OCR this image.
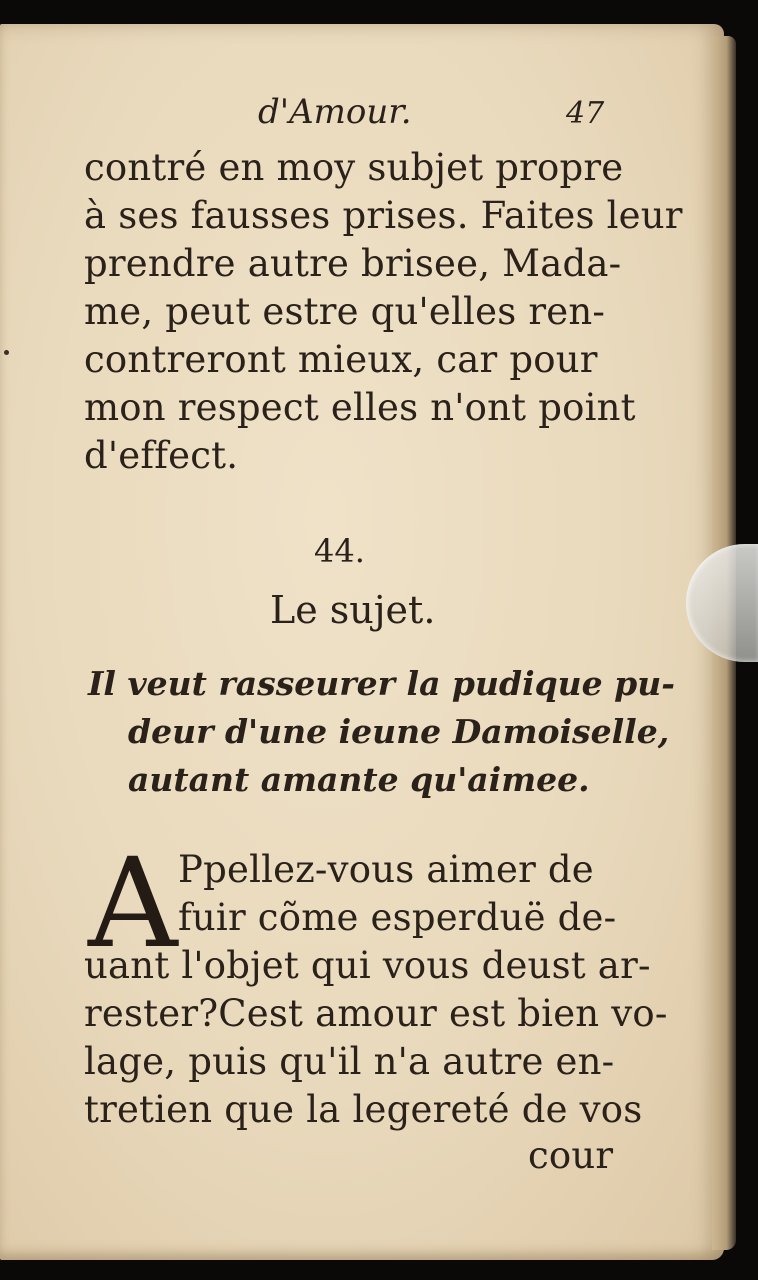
d'Amour.	47
contré en moy subjet propre
à ses fausses prises. Faites leur
prendre autre brisee, Mada-
me, peut estre qu'elles ren-
contreront mieux, car pour
mon respect elles n'ont point
d'effect.
44.
Le sujet.
Il veut rasseurer la pudique pu-
deur d'une ieune Damoiselle,
autant amante qu'aimee.
A Ppellez-vous aimer de
fuir cõme esperduë de-
uant l'objet qui vous deust ar-
rester?Cest amour est bien vo-
lage, puis qu'il n'a autre en-
tretien que la legereté de vos
cour
